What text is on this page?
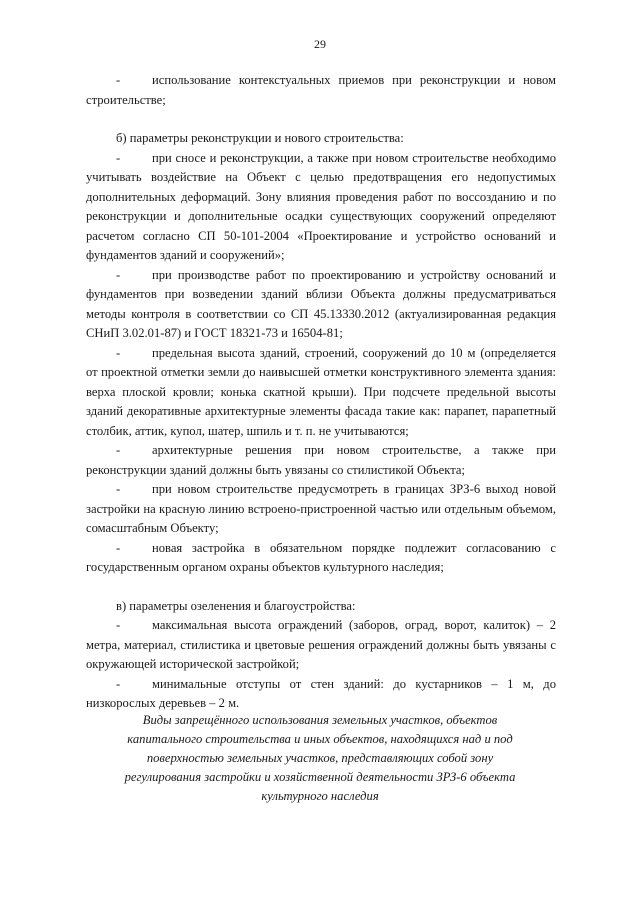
29

-	использование контекстуальных приемов при реконструкции и новом строительстве;

б) параметры реконструкции и нового строительства:

-	при сносе и реконструкции, а также при новом строительстве необходимо учитывать воздействие на Объект с целью предотвращения его недопустимых дополнительных деформаций. Зону влияния проведения работ по воссозданию и по реконструкции и дополнительные осадки существующих сооружений определяют расчетом согласно СП 50-101-2004 «Проектирование и устройство оснований и фундаментов зданий и сооружений»;

-	при производстве работ по проектированию и устройству оснований и фундаментов при возведении зданий вблизи Объекта должны предусматриваться методы контроля в соответствии со СП 45.13330.2012 (актуализированная редакция СНиП 3.02.01-87) и ГОСТ 18321-73 и 16504-81;

-	предельная высота зданий, строений, сооружений до 10 м (определяется от проектной отметки земли до наивысшей отметки конструктивного элемента здания: верха плоской кровли; конька скатной крыши). При подсчете предельной высоты зданий декоративные архитектурные элементы фасада такие как: парапет, парапетный столбик, аттик, купол, шатер, шпиль и т. п. не учитываются;

-	архитектурные решения при новом строительстве, а также при реконструкции зданий должны быть увязаны со стилистикой Объекта;

-	при новом строительстве предусмотреть в границах ЗРЗ-6 выход новой застройки на красную линию встроено-пристроенной частью или отдельным объемом, сомасштабным Объекту;

-	новая застройка в обязательном порядке подлежит согласованию с государственным органом охраны объектов культурного наследия;

в) параметры озеленения и благоустройства:

-	максимальная высота ограждений (заборов, оград, ворот, калиток) – 2 метра, материал, стилистика и цветовые решения ограждений должны быть увязаны с окружающей исторической застройкой;

-	минимальные отступы от стен зданий: до кустарников – 1 м, до низкорослых деревьев – 2 м.

Виды запрещённого использования земельных участков, объектов капитального строительства и иных объектов, находящихся над и под поверхностью земельных участков, представляющих собой зону регулирования застройки и хозяйственной деятельности ЗРЗ-6 объекта культурного наследия
